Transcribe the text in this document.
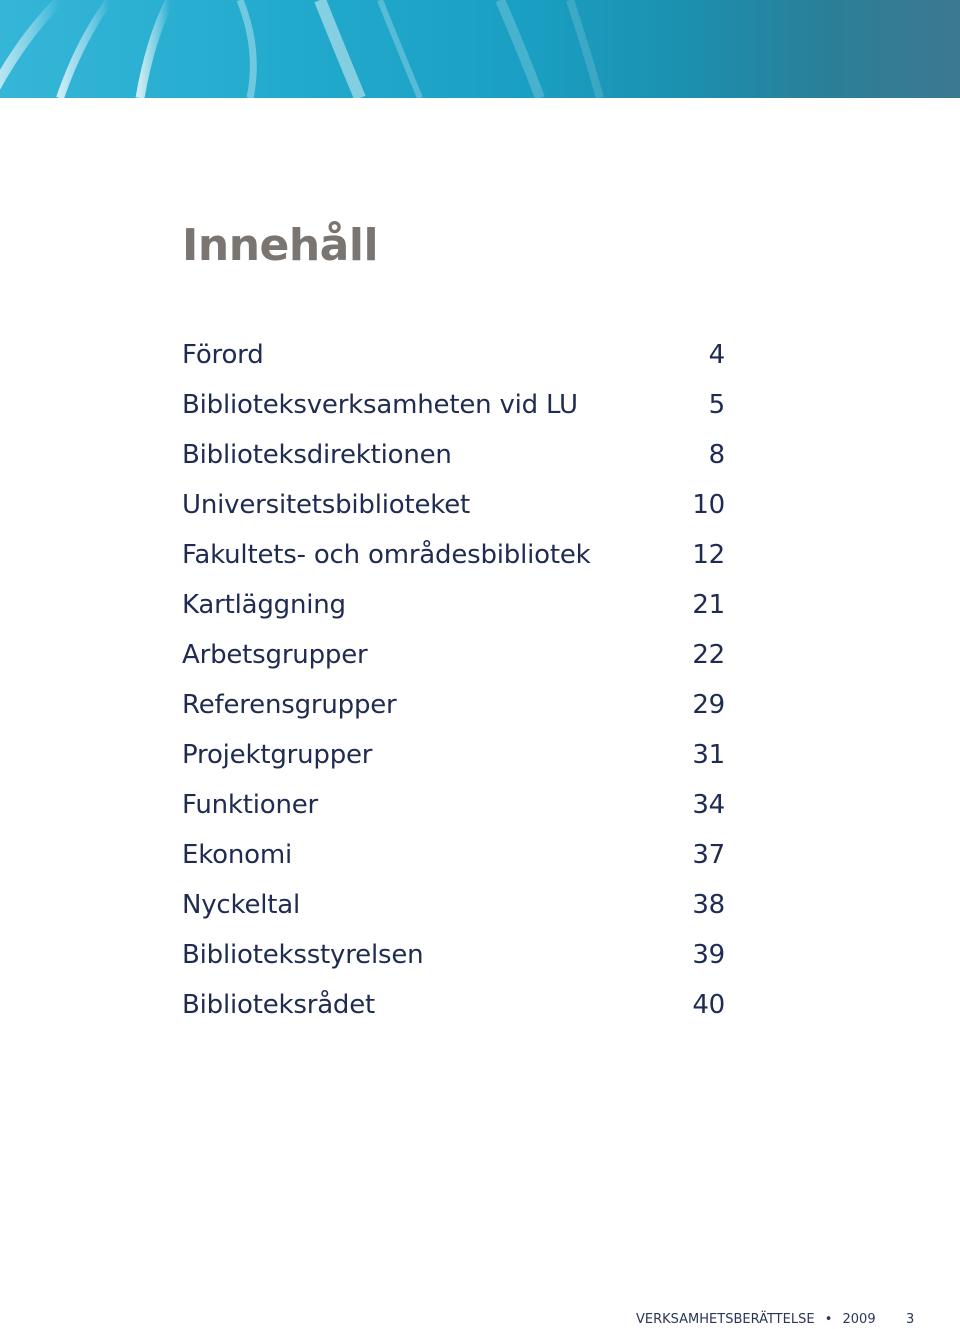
Innehåll
Förord	4
Biblioteksverksamheten vid LU	5
Biblioteksdirektionen	8
Universitetsbiblioteket	10
Fakultets- och områdesbibliotek	12
Kartläggning	21
Arbetsgrupper	22
Referensgrupper	29
Projektgrupper	31
Funktioner	34
Ekonomi	37
Nyckeltal	38
Biblioteksstyrelsen	39
Biblioteksrådet	40
VERKSAMHETSBERÄTTELSE • 2009 3
